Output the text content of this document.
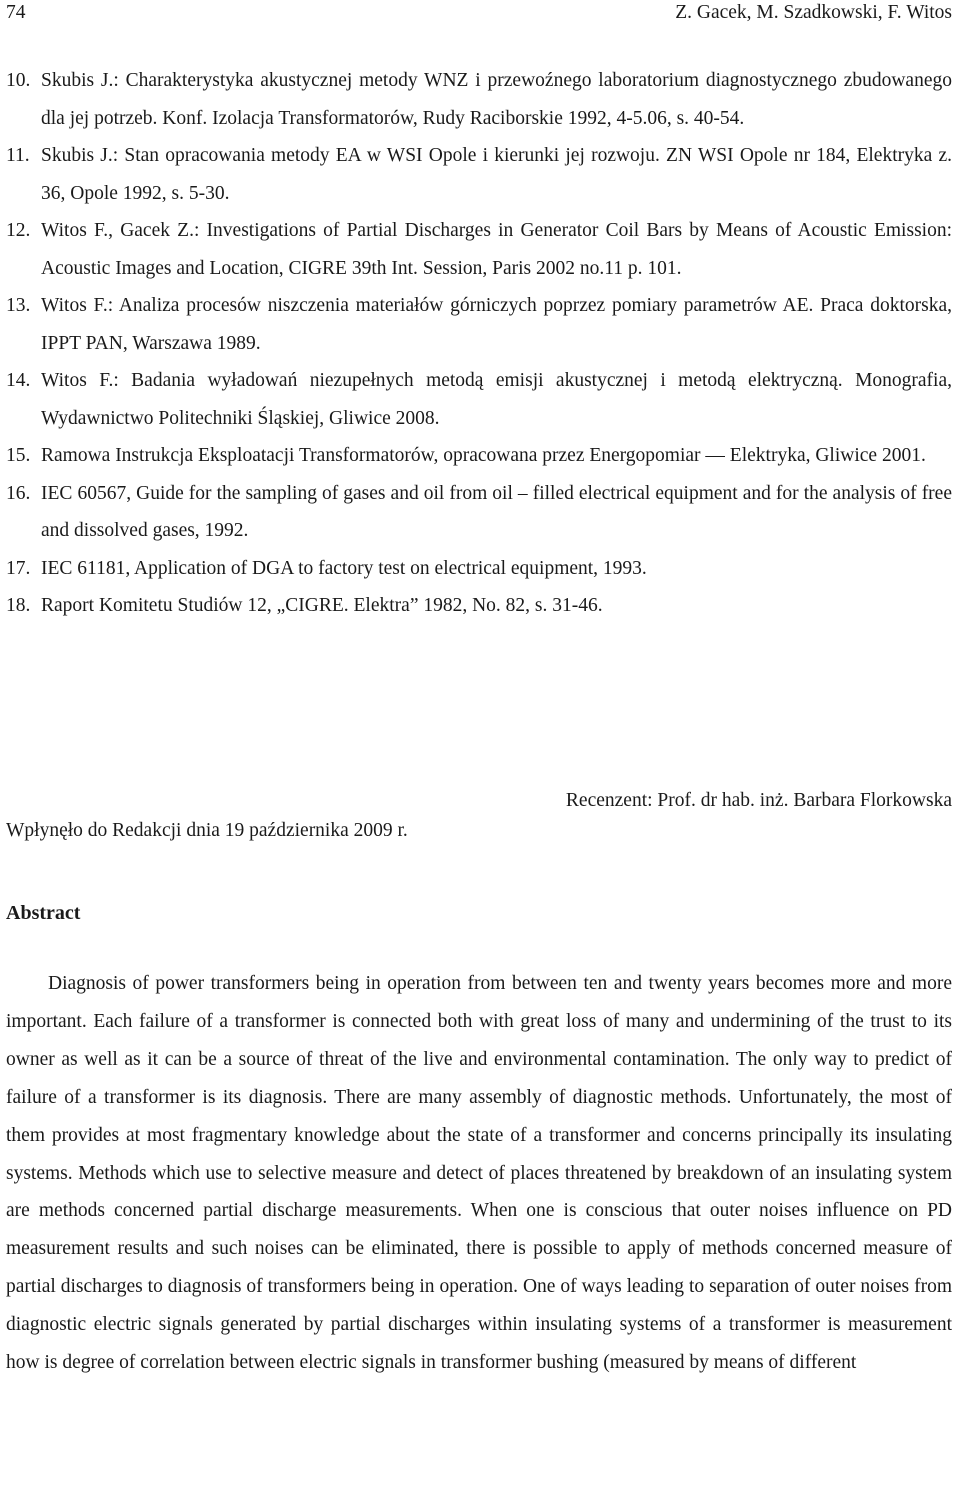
74	Z. Gacek, M. Szadkowski, F. Witos
10. Skubis J.: Charakterystyka akustycznej metody WNZ i przewoźnego laboratorium diagnostycznego zbudowanego dla jej potrzeb. Konf. Izolacja Transformatorów, Rudy Raciborskie 1992, 4-5.06, s. 40-54.
11. Skubis J.: Stan opracowania metody EA w WSI Opole i kierunki jej rozwoju. ZN WSI Opole nr 184, Elektryka z. 36, Opole 1992, s. 5-30.
12. Witos F., Gacek Z.: Investigations of Partial Discharges in Generator Coil Bars by Means of Acoustic Emission: Acoustic Images and Location, CIGRE 39th Int. Session, Paris 2002 no.11 p. 101.
13. Witos F.: Analiza procesów niszczenia materiałów górniczych poprzez pomiary parametrów AE. Praca doktorska, IPPT PAN, Warszawa 1989.
14. Witos F.: Badania wyładowań niezupełnych metodą emisji akustycznej i metodą elektryczną. Monografia, Wydawnictwo Politechniki Śląskiej, Gliwice 2008.
15. Ramowa Instrukcja Eksploatacji Transformatorów, opracowana przez Energopomiar — Elektryka, Gliwice 2001.
16. IEC 60567, Guide for the sampling of gases and oil from oil – filled electrical equipment and for the analysis of free and dissolved gases, 1992.
17. IEC 61181, Application of DGA to factory test on electrical equipment, 1993.
18. Raport Komitetu Studiów 12, „CIGRE. Elektra” 1982, No. 82, s. 31-46.
Recenzent: Prof. dr hab. inż. Barbara Florkowska
Wpłynęło do Redakcji dnia 19 października 2009 r.
Abstract

Diagnosis of power transformers being in operation from between ten and twenty years becomes more and more important. Each failure of a transformer is connected both with great loss of many and undermining of the trust to its owner as well as it can be a source of threat of the live and environmental contamination. The only way to predict of failure of a transformer is its diagnosis. There are many assembly of diagnostic methods. Unfortunately, the most of them provides at most fragmentary knowledge about the state of a transformer and concerns principally its insulating systems. Methods which use to selective measure and detect of places threatened by breakdown of an insulating system are methods concerned partial discharge measurements. When one is conscious that outer noises influence on PD measurement results and such noises can be eliminated, there is possible to apply of methods concerned measure of partial discharges to diagnosis of transformers being in operation. One of ways leading to separation of outer noises from diagnostic electric signals generated by partial discharges within insulating systems of a transformer is measurement how is degree of correlation between electric signals in transformer bushing (measured by means of different
